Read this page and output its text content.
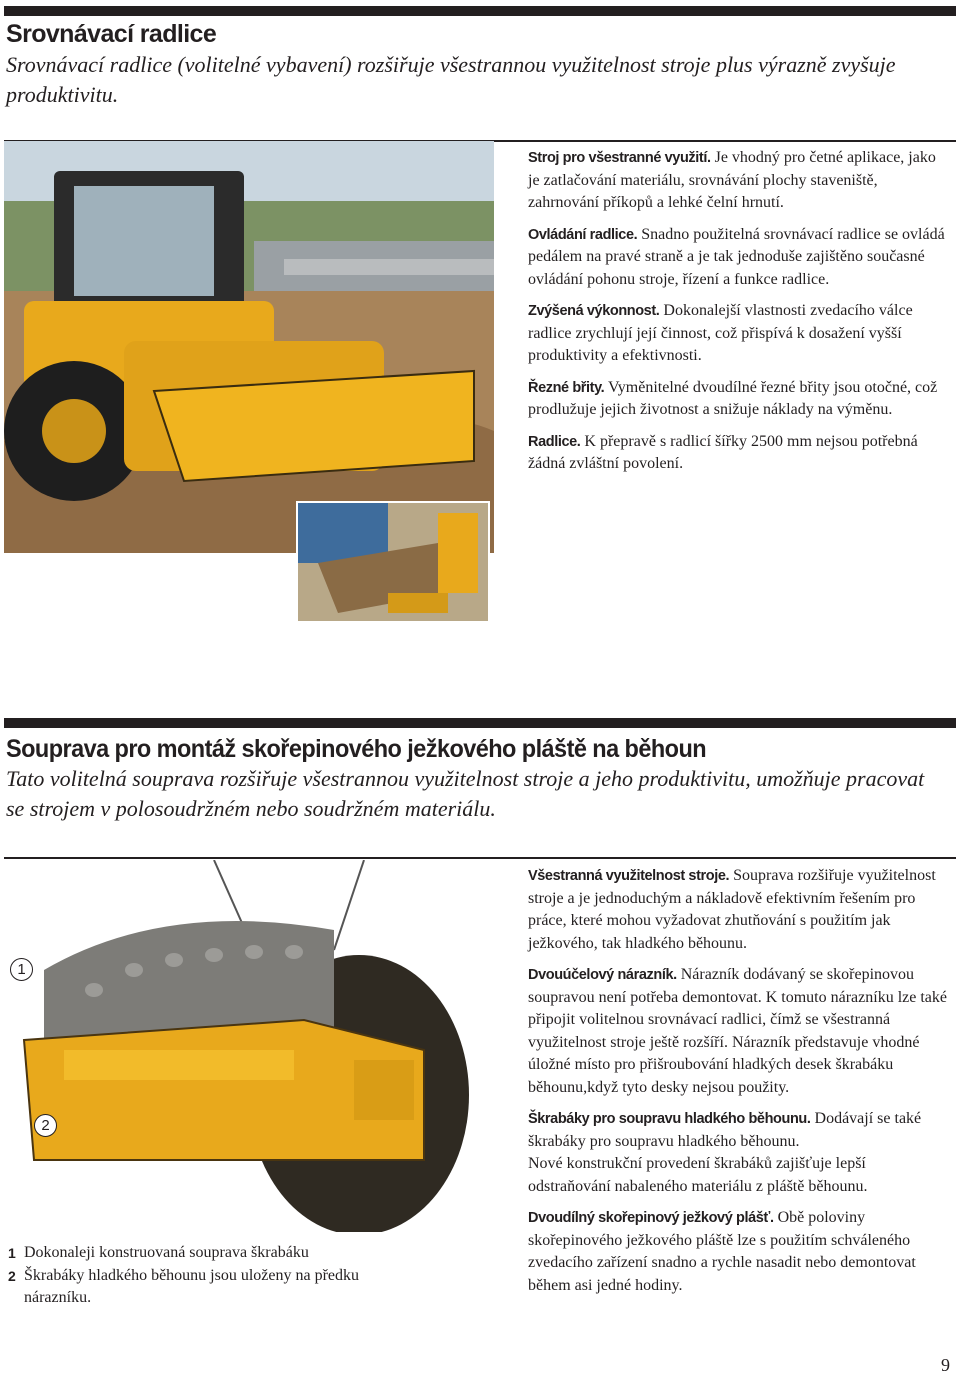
Srovnávací radlice

Srovnávací radlice (volitelné vybavení) rozšiřuje všestrannou využitelnost stroje plus výrazně zvyšuje produktivitu.

Stroj pro všestranné využití. Je vhodný pro četné aplikace, jako je zatlačování materiálu, srovnávání plochy staveniště, zahrnování příkopů a lehké čelní hrnutí.

Ovládání radlice. Snadno použitelná srovnávací radlice se ovládá pedálem na pravé straně a je tak jednoduše zajištěno současné ovládání pohonu stroje, řízení a funkce radlice.

Zvýšená výkonnost. Dokonalejší vlastnosti zvedacího válce radlice zrychlují její činnost, což přispívá k dosažení vyšší produktivity a efektivnosti.

Řezné břity. Vyměnitelné dvoudílné řezné břity jsou otočné, což prodlužuje jejich životnost a snižuje náklady na výměnu.

Radlice. K přepravě s radlicí šířky 2500 mm nejsou potřebná žádná zvláštní povolení.

Souprava pro montáž skořepinového ježkového pláště na běhoun

Tato volitelná souprava rozšiřuje všestrannou využitelnost stroje a jeho produktivitu, umožňuje pracovat se strojem v polosoudržném nebo soudržném materiálu.

1
2
1 Dokonaleji konstruovaná souprava škrabáku
2 Škrabáky hladkého běhounu jsou uloženy na předku nárazníku.

Všestranná využitelnost stroje. Souprava rozšiřuje využitelnost stroje a je jednoduchým a nákladově efektivním řešením pro práce, které mohou vyžadovat zhutňování s použitím jak ježkového, tak hladkého běhounu.

Dvouúčelový nárazník. Nárazník dodávaný se skořepinovou soupravou není potřeba demontovat. K tomuto nárazníku lze také připojit volitelnou srovnávací radlici, čímž se všestranná využitelnost stroje ještě rozšíří. Nárazník představuje vhodné úložné místo pro přišroubování hladkých desek škrabáku běhounu,když tyto desky nejsou použity.

Škrabáky pro soupravu hladkého běhounu. Dodávají se také škrabáky pro soupravu hladkého běhounu.
Nové konstrukční provedení škrabáků zajišťuje lepší odstraňování nabaleného materiálu z pláště běhounu.

Dvoudílný skořepinový ježkový plášť. Obě poloviny skořepinového ježkového pláště lze s použitím schváleného zvedacího zařízení snadno a rychle nasadit nebo demontovat během asi jedné hodiny.

9
